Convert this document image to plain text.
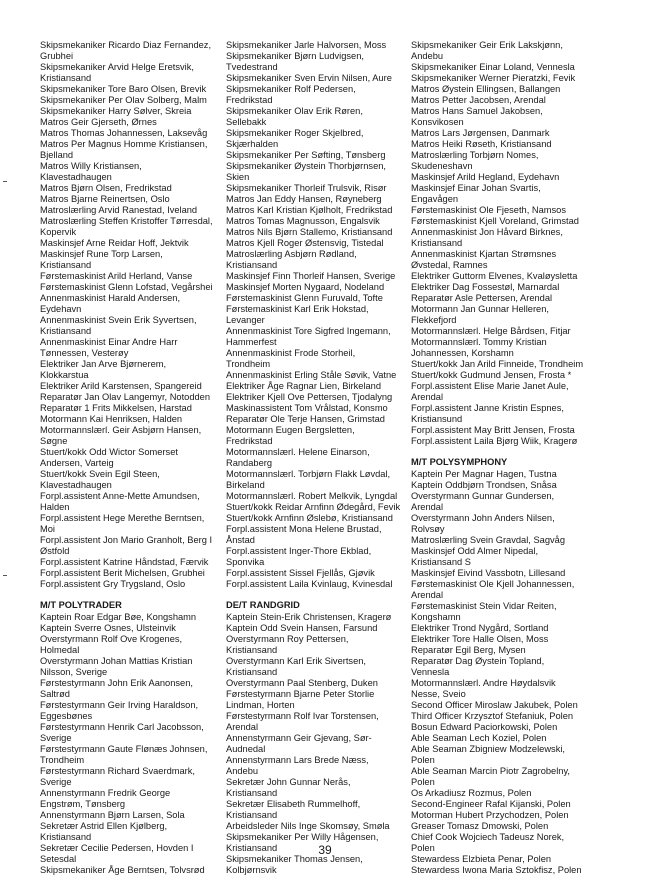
Skipsmekaniker Ricardo Diaz Fernandez,
Grubhei
Skipsmekaniker Arvid Helge Eretsvik,
Kristiansand
Skipsmekaniker Tore Baro Olsen, Brevik
Skipsmekaniker Per Olav Solberg, Malm
Skipsmekaniker Harry Sølver, Skreia
Matros Geir Gjerseth, Ørnes
Matros Thomas Johannessen, Laksevåg
Matros Per Magnus Homme Kristiansen,
Bjelland
Matros Willy Kristiansen,
Klavestadhaugen
Matros Bjørn Olsen, Fredrikstad
Matros Bjarne Reinertsen, Oslo
Matroslærling Arvid Ranestad, Iveland
Matroslærling Steffen Kristoffer Tørresdal,
Kopervik
Maskinsjef Arne Reidar Hoff, Jektvik
Maskinsjef Rune Torp Larsen,
Kristiansand
Førstemaskinist Arild Herland, Vanse
Førstemaskinist Glenn Lofstad, Vegårshei
Annenmaskinist Harald Andersen,
Eydehavn
Annenmaskinist Svein Erik Syvertsen,
Kristiansand
Annenmaskinist Einar Andre Harr
Tønnessen, Vesterøy
Elektriker Jan Arve Bjørnerem,
Klokkarstua
Elektriker Arild Karstensen, Spangereid
Reparatør Jan Olav Langemyr, Notodden
Reparatør 1 Frits Mikkelsen, Harstad
Motormann Kai Henriksen, Halden
Motormannslærl. Geir Asbjørn Hansen,
Søgne
Stuert/kokk Odd Wictor Somerset
Andersen, Varteig
Stuert/kokk Svein Egil Steen,
Klavestadhaugen
Forpl.assistent Anne-Mette Amundsen,
Halden
Forpl.assistent Hege Merethe Berntsen,
Moi
Forpl.assistent Jon Mario Granholt, Berg I
Østfold
Forpl.assistent Katrine Håndstad, Færvik
Forpl.assistent Berit Michelsen, Grubhei
Forpl.assistent Gry Trygsland, Oslo
M/T POLYTRADER
Kaptein Roar Edgar Bøe, Kongshamn
Kaptein Sverre Osnes, Ulsteinvik
Overstyrmann Rolf Ove Krogenes,
Holmedal
Overstyrmann Johan Mattias Kristian
Nilsson, Sverige
Førstestyrmann John Erik Aanonsen,
Saltrød
Førstestyrmann Geir Irving Haraldson,
Eggesbønes
Førstestyrmann Henrik Carl Jacobsson,
Sverige
Førstestyrmann Gaute Flønæs Johnsen,
Trondheim
Førstestyrmann Richard Svaerdmark,
Sverige
Annenstyrmann Fredrik George
Engstrøm, Tønsberg
Annenstyrmann Bjørn Larsen, Sola
Sekretær Astrid Ellen Kjølberg,
Kristiansand
Sekretær Cecilie Pedersen, Hovden I
Setesdal
Skipsmekaniker Åge Berntsen, Tolvsrød
Skipsmekaniker Jarle Halvorsen, Moss
Skipsmekaniker Bjørn Ludvigsen,
Tvedestrand
Skipsmekaniker Sven Ervin Nilsen, Aure
Skipsmekaniker Rolf Pedersen,
Fredrikstad
Skipsmekaniker Olav Erik Røren,
Sellebakk
Skipsmekaniker Roger Skjelbred,
Skjærhalden
Skipsmekaniker Per Søfting, Tønsberg
Skipsmekaniker Øystein Thorbjørnsen,
Skien
Skipsmekaniker Thorleif Trulsvik, Risør
Matros Jan Eddy Hansen, Røyneberg
Matros Karl Kristian Kjølholt, Fredrikstad
Matros Tomas Magnusson, Engalsvik
Matros Nils Bjørn Stallemo, Kristiansand
Matros Kjell Roger Østensvig, Tistedal
Matroslærling Asbjørn Rødland,
Kristiansand
Maskinsjef Finn Thorleif Hansen, Sverige
Maskinsjef Morten Nygaard, Nodeland
Førstemaskinist Glenn Furuvald, Tofte
Førstemaskinist Karl Erik Hokstad,
Levanger
Annenmaskinist Tore Sigfred Ingemann,
Hammerfest
Annenmaskinist Frode Storheil,
Trondheim
Annenmaskinist Erling Ståle Søvik, Vatne
Elektriker Åge Ragnar Lien, Birkeland
Elektriker Kjell Ove Pettersen, Tjodalyng
Maskinassistent Tom Vrålstad, Konsmo
Reparatør Ole Terje Hansen, Grimstad
Motormann Eugen Bergsletten,
Fredrikstad
Motormannslærl. Helene Einarson,
Randaberg
Motormannslærl. Torbjørn Flakk Løvdal,
Birkeland
Motormannslærl. Robert Melkvik, Lyngdal
Stuert/kokk Reidar Arnfinn Ødegård, Fevik
Stuert/kokk Arnfinn Øslebø, Kristiansand
Forpl.assistent Mona Helene Brustad,
Ånstad
Forpl.assistent Inger-Thore Ekblad,
Sponvika
Forpl.assistent Sissel Fjellås, Gjøvik
Forpl.assistent Laila Kvinlaug, Kvinesdal
DE/T RANDGRID
Kaptein Stein-Erik Christensen, Kragerø
Kaptein Odd Svein Hansen, Farsund
Overstyrmann Roy Pettersen,
Kristiansand
Overstyrmann Karl Erik Sivertsen,
Kristiansand
Overstyrmann Paal Stenberg, Duken
Førstestyrmann Bjarne Peter Storlie
Lindman, Horten
Førstestyrmann Rolf Ivar Torstensen,
Arendal
Annenstyrmann Geir Gjevang, Sør-
Audnedal
Annenstyrmann Lars Brede Næss,
Andebu
Sekretær John Gunnar Nerås,
Kristiansand
Sekretær Elisabeth Rummelhoff,
Kristiansand
Arbeidsleder Nils Inge Skomsøy, Smøla
Skipsmekaniker Per Willy Hågensen,
Kristiansand
Skipsmekaniker Thomas Jensen,
Kolbjørnsvik
Skipsmekaniker Geir Erik Lakskjønn,
Andebu
Skipsmekaniker Einar Loland, Vennesla
Skipsmekaniker Werner Pieratzki, Fevik
Matros Øystein Ellingsen, Ballangen
Matros Petter Jacobsen, Arendal
Matros Hans Samuel Jakobsen,
Konsvikosen
Matros Lars Jørgensen, Danmark
Matros Heiki Røseth, Kristiansand
Matroslærling Torbjørn Nomes,
Skudeneshavn
Maskinsjef Arild Hegland, Eydehavn
Maskinsjef Einar Johan Svartis,
Engavågen
Førstemaskinist Ole Fjeseth, Namsos
Førstemaskinist Kjell Voreland, Grimstad
Annenmaskinist Jon Håvard Birknes,
Kristiansand
Annenmaskinist Kjartan Strømsnes
Øvstedal, Ramnes
Elektriker Guttorm Elvenes, Kvaløysletta
Elektriker Dag Fossestøl, Marnardal
Reparatør Asle Pettersen, Arendal
Motormann Jan Gunnar Helleren,
Flekkefjord
Motormannslærl. Helge Bårdsen, Fitjar
Motormannslærl. Tommy Kristian
Johannessen, Korshamn
Stuert/kokk Jan Arild Finneide, Trondheim
Stuert/kokk Gudmund Jensen, Frosta *
Forpl.assistent Elise Marie Janet Aule,
Arendal
Forpl.assistent Janne Kristin Espnes,
Kristiansund
Forpl.assistent May Britt Jensen, Frosta
Forpl.assistent Laila Bjørg Wiik, Kragerø
M/T POLYSYMPHONY
Kaptein Per Magnar Hagen, Tustna
Kaptein Oddbjørn Trondsen, Snåsa
Overstyrmann Gunnar Gundersen,
Arendal
Overstyrmann John Anders Nilsen,
Rolvsøy
Matroslærling Svein Gravdal, Sagvåg
Maskinsjef Odd Almer Nipedal,
Kristiansand S
Maskinsjef Eivind Vassbotn, Lillesand
Førstemaskinist Ole Kjell Johannessen,
Arendal
Førstemaskinist Stein Vidar Reiten,
Kongshamn
Elektriker Trond Nygård, Sortland
Elektriker Tore Halle Olsen, Moss
Reparatør Egil Berg, Mysen
Reparatør Dag Øystein Topland,
Vennesla
Motormannslærl. Andre Høydalsvik
Nesse, Sveio
Second Officer Miroslaw Jakubek, Polen
Third Officer Krzysztof Stefaniuk, Polen
Bosun Edward Paciorkowski, Polen
Able Seaman Lech Koziel, Polen
Able Seaman Zbigniew Modzelewski,
Polen
Able Seaman Marcin Piotr Zagrobelny,
Polen
Os Arkadiusz Rozmus, Polen
Second-Engineer Rafal Kijanski, Polen
Motorman Hubert Przychodzen, Polen
Greaser Tomasz Dmowski, Polen
Chief Cook Wojciech Tadeusz Norek,
Polen
Stewardess Elzbieta Penar, Polen
Stewardess Iwona Maria Sztokfisz, Polen
39
